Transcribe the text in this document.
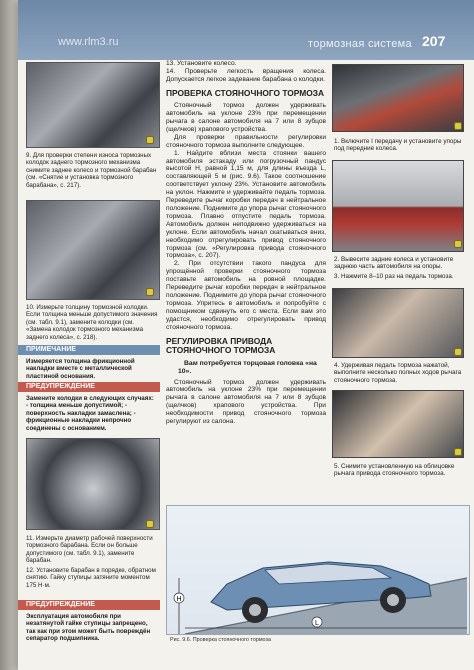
www.rlm3.ru	тормозная система 207
9. Для проверки степени износа тормозных колодок заднего тормозного механизма снимите заднее колесо и тормозной барабан (см. «Снятие и установка тормозного барабана», с. 217).
10. Измерьте толщину тормозной колодки. Если толщина меньше допустимого значения (см. табл. 9.1), замените колодки (см. «Замена колодок тормозного механизма заднего колеса», с. 218).
ПРИМЕЧАНИЕ
Измеряется толщина фрикционной накладки вместе с металлической пластиной основания.
ПРЕДУПРЕЖДЕНИЕ
Замените колодки в следующих случаях: - толщина меньше допустимой; - поверхность накладки замаслена; - фрикционные накладки непрочно соединены с основанием.
11. Измерьте диаметр рабочей поверхности тормозного барабана. Если он больше допустимого (см. табл. 9.1), замените барабан.
12. Установите барабан в порядке, обратном снятию. Гайку ступицы затяните моментом 175 Н·м.
ПРЕДУПРЕЖДЕНИЕ
Эксплуатация автомобиля при незатянутой гайке ступицы запрещено, так как при этом может быть повреждён сепаратор подшипника.

13. Установите колесо.

14. Проверьте легкость вращения колеса. Допускается легкое задевание барабана о колодки.

ПРОВЕРКА СТОЯНОЧНОГО ТОРМОЗА

Стояночный тормоз должен удерживать автомобиль на уклоне 23% при перемещении рычага в салоне автомобиля на 7 или 8 зубцов (щелчков) храпового устройства.

Для проверки правильности регулировки стояночного тормоза выполните следующее.

1. Найдите вблизи места стоянки вашего автомобиля эстакаду или погрузочный пандус высотой H, равной 1,15 м, для длины въезда L, составляющей 5 м (рис. 9.6). Такое соотношение соответствует уклону 23%. Установите автомобиль на уклон. Нажмите и удерживайте педаль тормоза. Переведите рычаг коробки передач в нейтральное положение. Поднимите до упора рычаг стояночного тормоза. Плавно отпустите педаль тормоза. Автомобиль должен неподвижно удерживаться на уклоне. Если автомобиль начал скатываться вниз, необходимо отрегулировать привод стояночного тормоза (см. «Регулировка привода стояночного тормоза», с. 207).

2. При отсутствии такого пандуса для упрощённой проверки стояночного тормоза поставьте автомобиль на ровной площадке. Переведите рычаг коробки передач в нейтральное положение. Поднимите до упора рычаг стояночного тормоза. Упритесь в автомобиль и попробуйте с помощником сдвинуть его с места. Если вам это удастся, необходимо отрегулировать привод стояночного тормоза.

РЕГУЛИРОВКА ПРИВОДА СТОЯНОЧНОГО ТОРМОЗА

Вам потребуется торцовая головка «на 10».

Стояночный тормоз должен удерживать автомобиль на уклоне 23% при перемещении рычага в салоне автомобиля на 7 или 8 зубцов (щелчков) храпового устройства. При необходимости привод стояночного тормоза регулируют из салона.

1. Включите I передачу и установите упоры под передние колеса.
2. Вывесите задние колеса и установите заднюю часть автомобиля на опоры.
3. Нажмите 8–10 раз на педаль тормоза.
4. Удерживая педаль тормоза нажатой, выполните несколько полных ходов рычага стояночного тормоза.
5. Снимите установленную на облицовке рычага привода стояночного тормоза.
H
L
Рис. 9.6. Проверка стояночного тормоза
